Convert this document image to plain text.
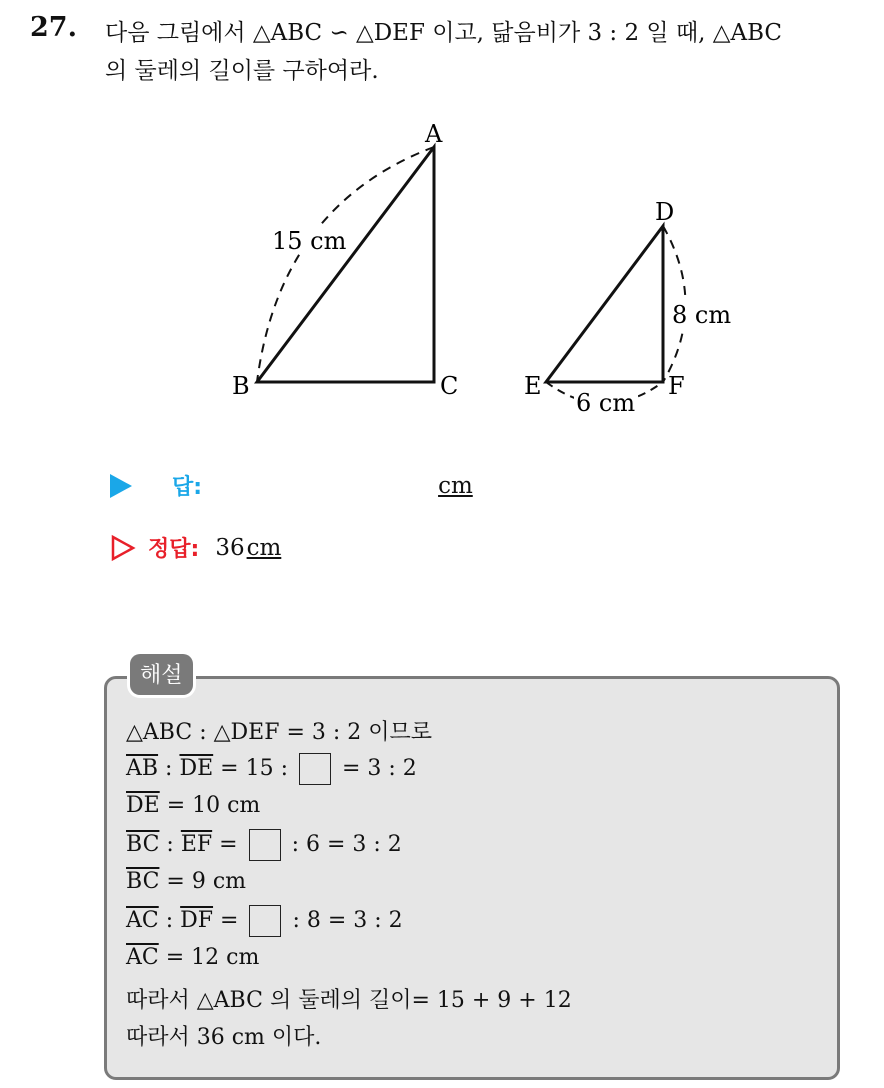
27. 다음 그림에서 △ABC ∽ △DEF 이고, 닮음비가 3 : 2 일 때, △ABC
의 둘레의 길이를 구하여라.
A
B	C
D
E	F
15 cm
8 cm
6 cm
답:	cm
정답: 36 cm
해설
△ABC : △DEF = 3 : 2 이므로
$\overline{AB}$ : $\overline{DE} = 15$ :  = 3 : 2
$\overline{DE} = 10$ cm
$\overline{BC}$ : $\overline{EF}$ =  : 6 = 3 : 2
$\overline{BC} = 9$ cm
$\overline{AC}$ : $\overline{DF}$ =  : 8 = 3 : 2
$\overline{AC} = 12$ cm
따라서 △ABC 의 둘레의 길이= 15 + 9 + 12
따라서 36 cm 이다.
